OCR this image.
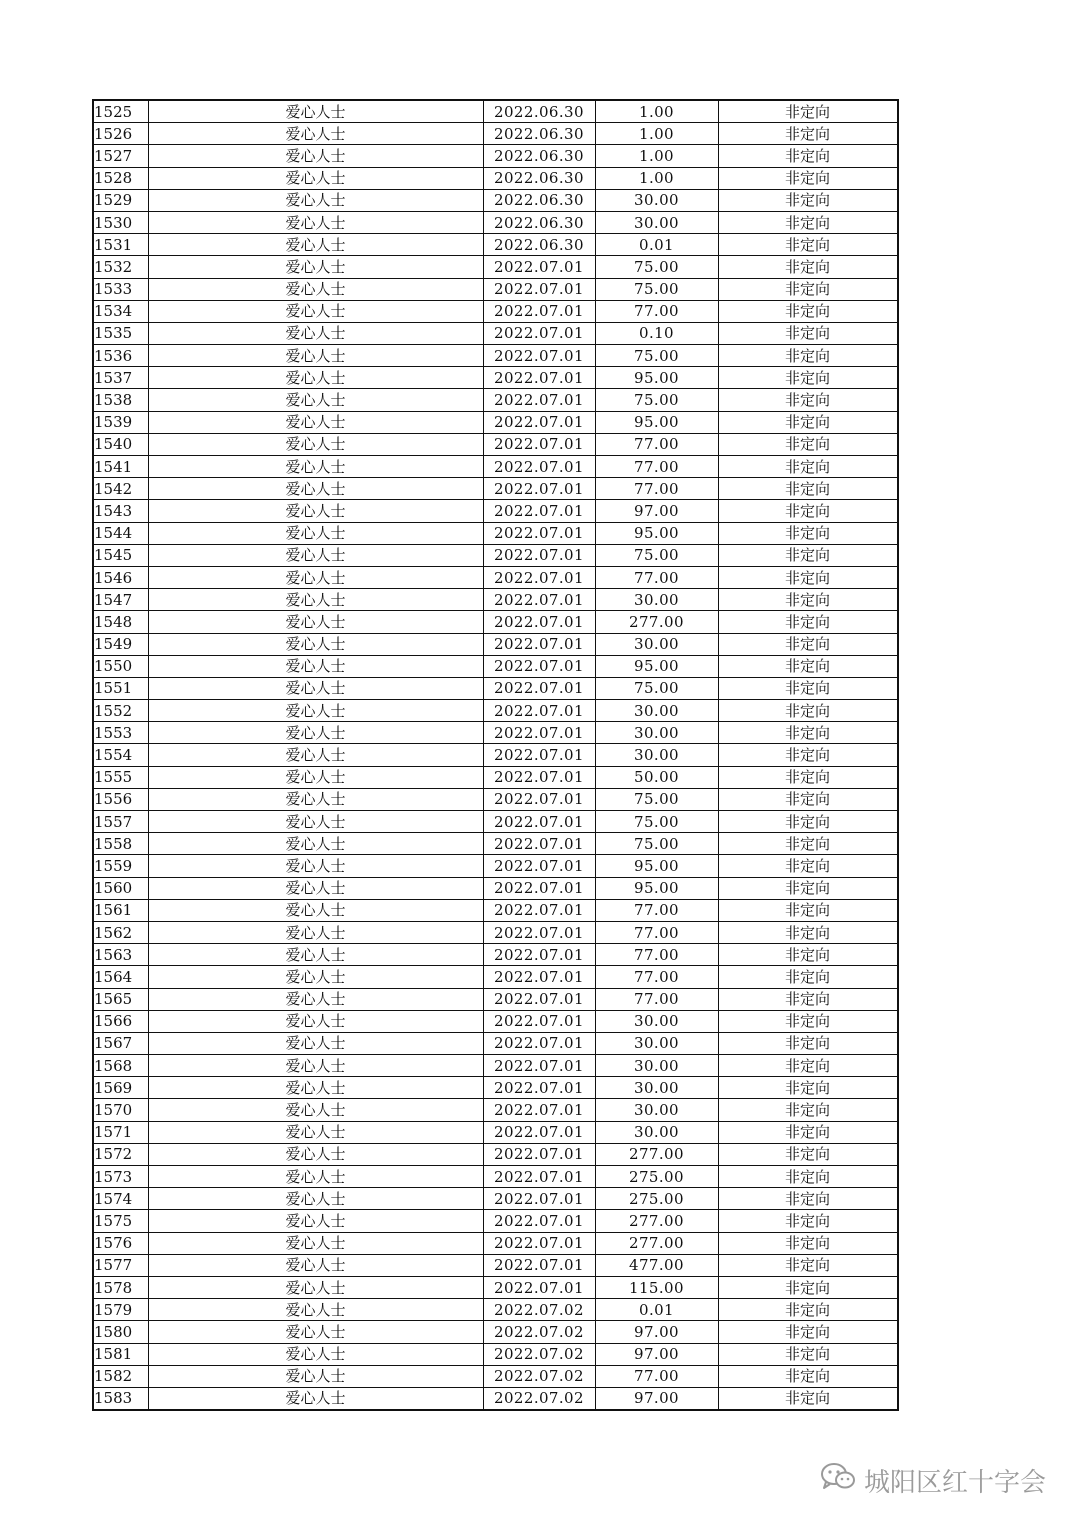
1525	爱心人士	2022.06.30	1.00	非定向
1526	爱心人士	2022.06.30	1.00	非定向
1527	爱心人士	2022.06.30	1.00	非定向
1528	爱心人士	2022.06.30	1.00	非定向
1529	爱心人士	2022.06.30	30.00	非定向
1530	爱心人士	2022.06.30	30.00	非定向
1531	爱心人士	2022.06.30	0.01	非定向
1532	爱心人士	2022.07.01	75.00	非定向
1533	爱心人士	2022.07.01	75.00	非定向
1534	爱心人士	2022.07.01	77.00	非定向
1535	爱心人士	2022.07.01	0.10	非定向
1536	爱心人士	2022.07.01	75.00	非定向
1537	爱心人士	2022.07.01	95.00	非定向
1538	爱心人士	2022.07.01	75.00	非定向
1539	爱心人士	2022.07.01	95.00	非定向
1540	爱心人士	2022.07.01	77.00	非定向
1541	爱心人士	2022.07.01	77.00	非定向
1542	爱心人士	2022.07.01	77.00	非定向
1543	爱心人士	2022.07.01	97.00	非定向
1544	爱心人士	2022.07.01	95.00	非定向
1545	爱心人士	2022.07.01	75.00	非定向
1546	爱心人士	2022.07.01	77.00	非定向
1547	爱心人士	2022.07.01	30.00	非定向
1548	爱心人士	2022.07.01	277.00	非定向
1549	爱心人士	2022.07.01	30.00	非定向
1550	爱心人士	2022.07.01	95.00	非定向
1551	爱心人士	2022.07.01	75.00	非定向
1552	爱心人士	2022.07.01	30.00	非定向
1553	爱心人士	2022.07.01	30.00	非定向
1554	爱心人士	2022.07.01	30.00	非定向
1555	爱心人士	2022.07.01	50.00	非定向
1556	爱心人士	2022.07.01	75.00	非定向
1557	爱心人士	2022.07.01	75.00	非定向
1558	爱心人士	2022.07.01	75.00	非定向
1559	爱心人士	2022.07.01	95.00	非定向
1560	爱心人士	2022.07.01	95.00	非定向
1561	爱心人士	2022.07.01	77.00	非定向
1562	爱心人士	2022.07.01	77.00	非定向
1563	爱心人士	2022.07.01	77.00	非定向
1564	爱心人士	2022.07.01	77.00	非定向
1565	爱心人士	2022.07.01	77.00	非定向
1566	爱心人士	2022.07.01	30.00	非定向
1567	爱心人士	2022.07.01	30.00	非定向
1568	爱心人士	2022.07.01	30.00	非定向
1569	爱心人士	2022.07.01	30.00	非定向
1570	爱心人士	2022.07.01	30.00	非定向
1571	爱心人士	2022.07.01	30.00	非定向
1572	爱心人士	2022.07.01	277.00	非定向
1573	爱心人士	2022.07.01	275.00	非定向
1574	爱心人士	2022.07.01	275.00	非定向
1575	爱心人士	2022.07.01	277.00	非定向
1576	爱心人士	2022.07.01	277.00	非定向
1577	爱心人士	2022.07.01	477.00	非定向
1578	爱心人士	2022.07.01	115.00	非定向
1579	爱心人士	2022.07.02	0.01	非定向
1580	爱心人士	2022.07.02	97.00	非定向
1581	爱心人士	2022.07.02	97.00	非定向
1582	爱心人士	2022.07.02	77.00	非定向
1583	爱心人士	2022.07.02	97.00	非定向
城阳区红十字会
